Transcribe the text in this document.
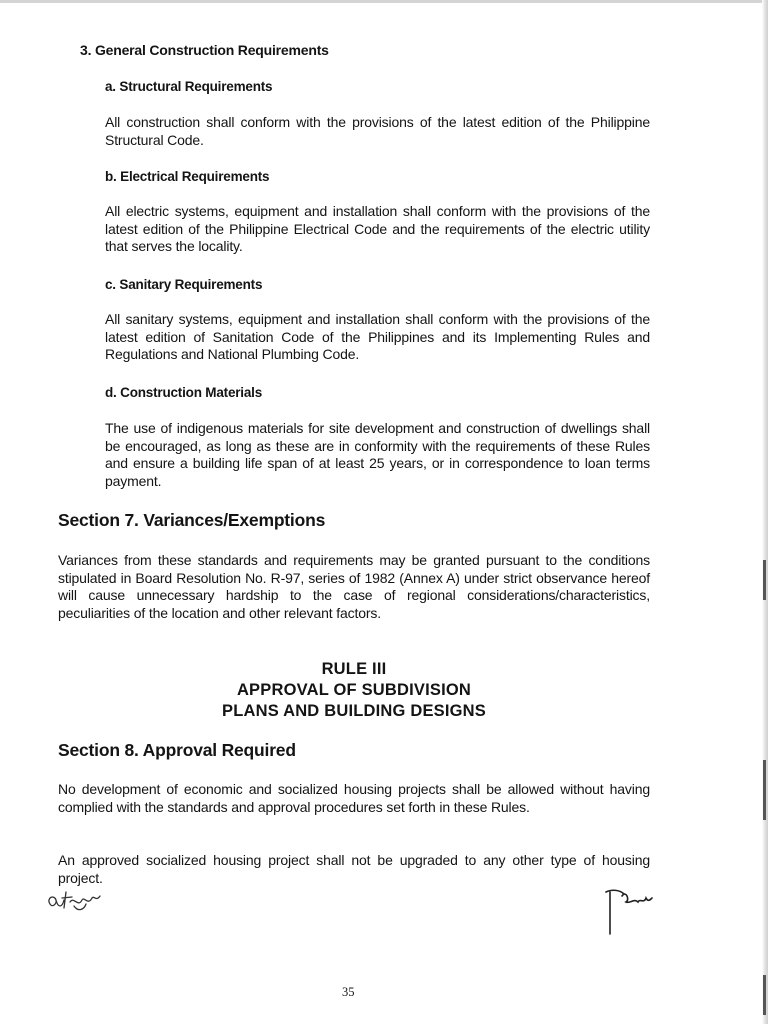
3. General Construction Requirements
a. Structural Requirements

All construction shall conform with the provisions of the latest edition of the Philippine Structural Code.

b. Electrical Requirements

All electric systems, equipment and installation shall conform with the provisions of the latest edition of the Philippine Electrical Code and the requirements of the electric utility that serves the locality.

c. Sanitary Requirements

All sanitary systems, equipment and installation shall conform with the provisions of the latest edition of Sanitation Code of the Philippines and its Implementing Rules and Regulations and National Plumbing Code.

d. Construction Materials

The use of indigenous materials for site development and construction of dwellings shall be encouraged, as long as these are in conformity with the requirements of these Rules and ensure a building life span of at least 25 years, or in correspondence to loan terms payment.

Section 7. Variances/Exemptions

Variances from these standards and requirements may be granted pursuant to the conditions stipulated in Board Resolution No. R-97, series of 1982 (Annex A) under strict observance hereof will cause unnecessary hardship to the case of regional considerations/characteristics, peculiarities of the location and other relevant factors.

RULE III
APPROVAL OF SUBDIVISION
PLANS AND BUILDING DESIGNS
Section 8. Approval Required

No development of economic and socialized housing projects shall be allowed without having complied with the standards and approval procedures set forth in these Rules.

An approved socialized housing project shall not be upgraded to any other type of housing project.

35
